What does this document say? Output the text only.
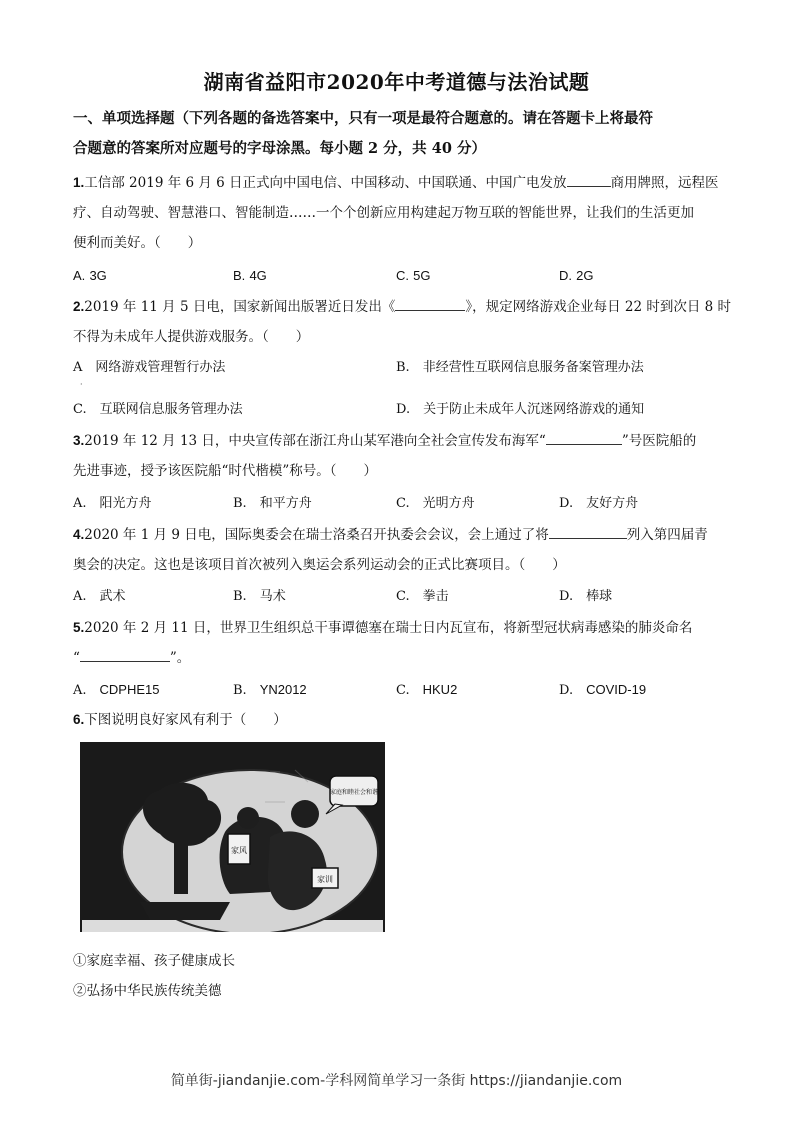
湖南省益阳市2020年中考道德与法治试题
一、单项选择题（下列各题的备选答案中，只有一项是最符合题意的。请在答题卡上将最符
合题意的答案所对应题号的字母涂黑。每小题 2 分，共 40 分）
1.工信部 2019 年 6 月 6 日正式向中国电信、中国移动、中国联通、中国广电发放	商用牌照，远程医
疗、自动驾驶、智慧港口、智能制造……一个个创新应用构建起万物互联的智能世界，让我们的生活更加
便利而美好。（　　）
A. 3G	B. 4G	C. 5G	D. 2G
2.2019 年 11 月 5 日电，国家新闻出版署近日发出《	》，规定网络游戏企业每日 22 时到次日 8 时
不得为未成年人提供游戏服务。（　　）
A　网络游戏管理暂行办法	B.　非经营性互联网信息服务备案管理办法
·
C.　互联网信息服务管理办法	D.　关于防止未成年人沉迷网络游戏的通知
3.2019 年 12 月 13 日，中央宣传部在浙江舟山某军港向全社会宣传发布海军“	”号医院船的
先进事迹，授予该医院船“时代楷模”称号。（　　）
A.　阳光方舟	B.　和平方舟	C.　光明方舟	D.　友好方舟
4.2020 年 1 月 9 日电，国际奥委会在瑞士洛桑召开执委会会议，会上通过了将	列入第四届青
奥会的决定。这也是该项目首次被列入奥运会系列运动会的正式比赛项目。（　　）
A.　武术	B.　马术	C.　拳击	D.　棒球
5.2020 年 2 月 11 日，世界卫生组织总干事谭德塞在瑞士日内瓦宣布，将新型冠状病毒感染的肺炎命名
“	”。
A.　CDPHE15	B.　YN2012	C.　HKU2	D.　COVID-19
6.下图说明良好家风有利于（　　）
家风
家训
家庭和睦社会和谐
①家庭幸福、孩子健康成长
②弘扬中华民族传统美德
简单街-jiandanjie.com-学科网简单学习一条街 https://jiandanjie.com
